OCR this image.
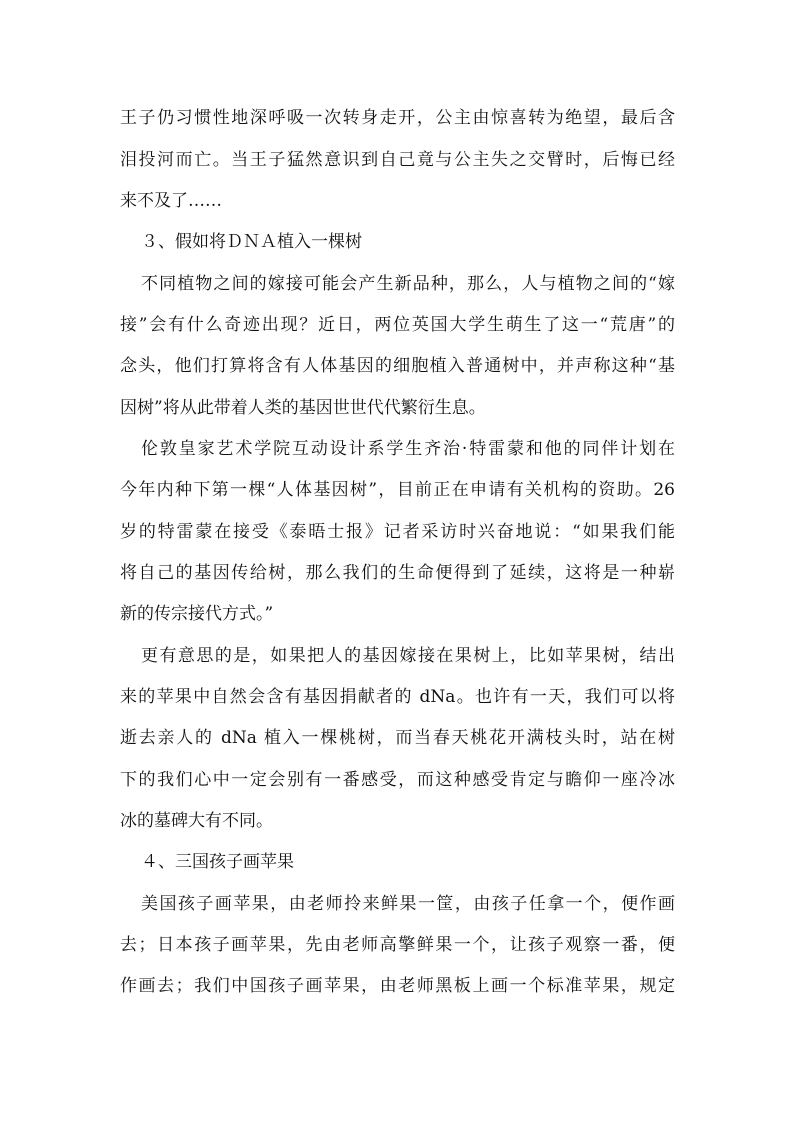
王子仍习惯性地深呼吸一次转身走开，公主由惊喜转为绝望，最后含
泪投河而亡。当王子猛然意识到自己竟与公主失之交臂时，后悔已经
来不及了……
３、假如将ＤＮＡ植入一棵树
不同植物之间的嫁接可能会产生新品种，那么，人与植物之间的“嫁
接”会有什么奇迹出现？近日，两位英国大学生萌生了这一“荒唐”的
念头，他们打算将含有人体基因的细胞植入普通树中，并声称这种“基
因树”将从此带着人类的基因世世代代繁衍生息。
伦敦皇家艺术学院互动设计系学生齐治·特雷蒙和他的同伴计划在
今年内种下第一棵“人体基因树”，目前正在申请有关机构的资助。26
岁的特雷蒙在接受《泰晤士报》记者采访时兴奋地说：“如果我们能
将自己的基因传给树，那么我们的生命便得到了延续，这将是一种崭
新的传宗接代方式。”
更有意思的是，如果把人的基因嫁接在果树上，比如苹果树，结出
来的苹果中自然会含有基因捐献者的 dNa。也许有一天，我们可以将
逝去亲人的 dNa 植入一棵桃树，而当春天桃花开满枝头时，站在树
下的我们心中一定会别有一番感受，而这种感受肯定与瞻仰一座冷冰
冰的墓碑大有不同。
４、三国孩子画苹果
美国孩子画苹果，由老师拎来鲜果一筐，由孩子任拿一个，便作画
去；日本孩子画苹果，先由老师高擎鲜果一个，让孩子观察一番，便
作画去；我们中国孩子画苹果，由老师黑板上画一个标准苹果，规定
